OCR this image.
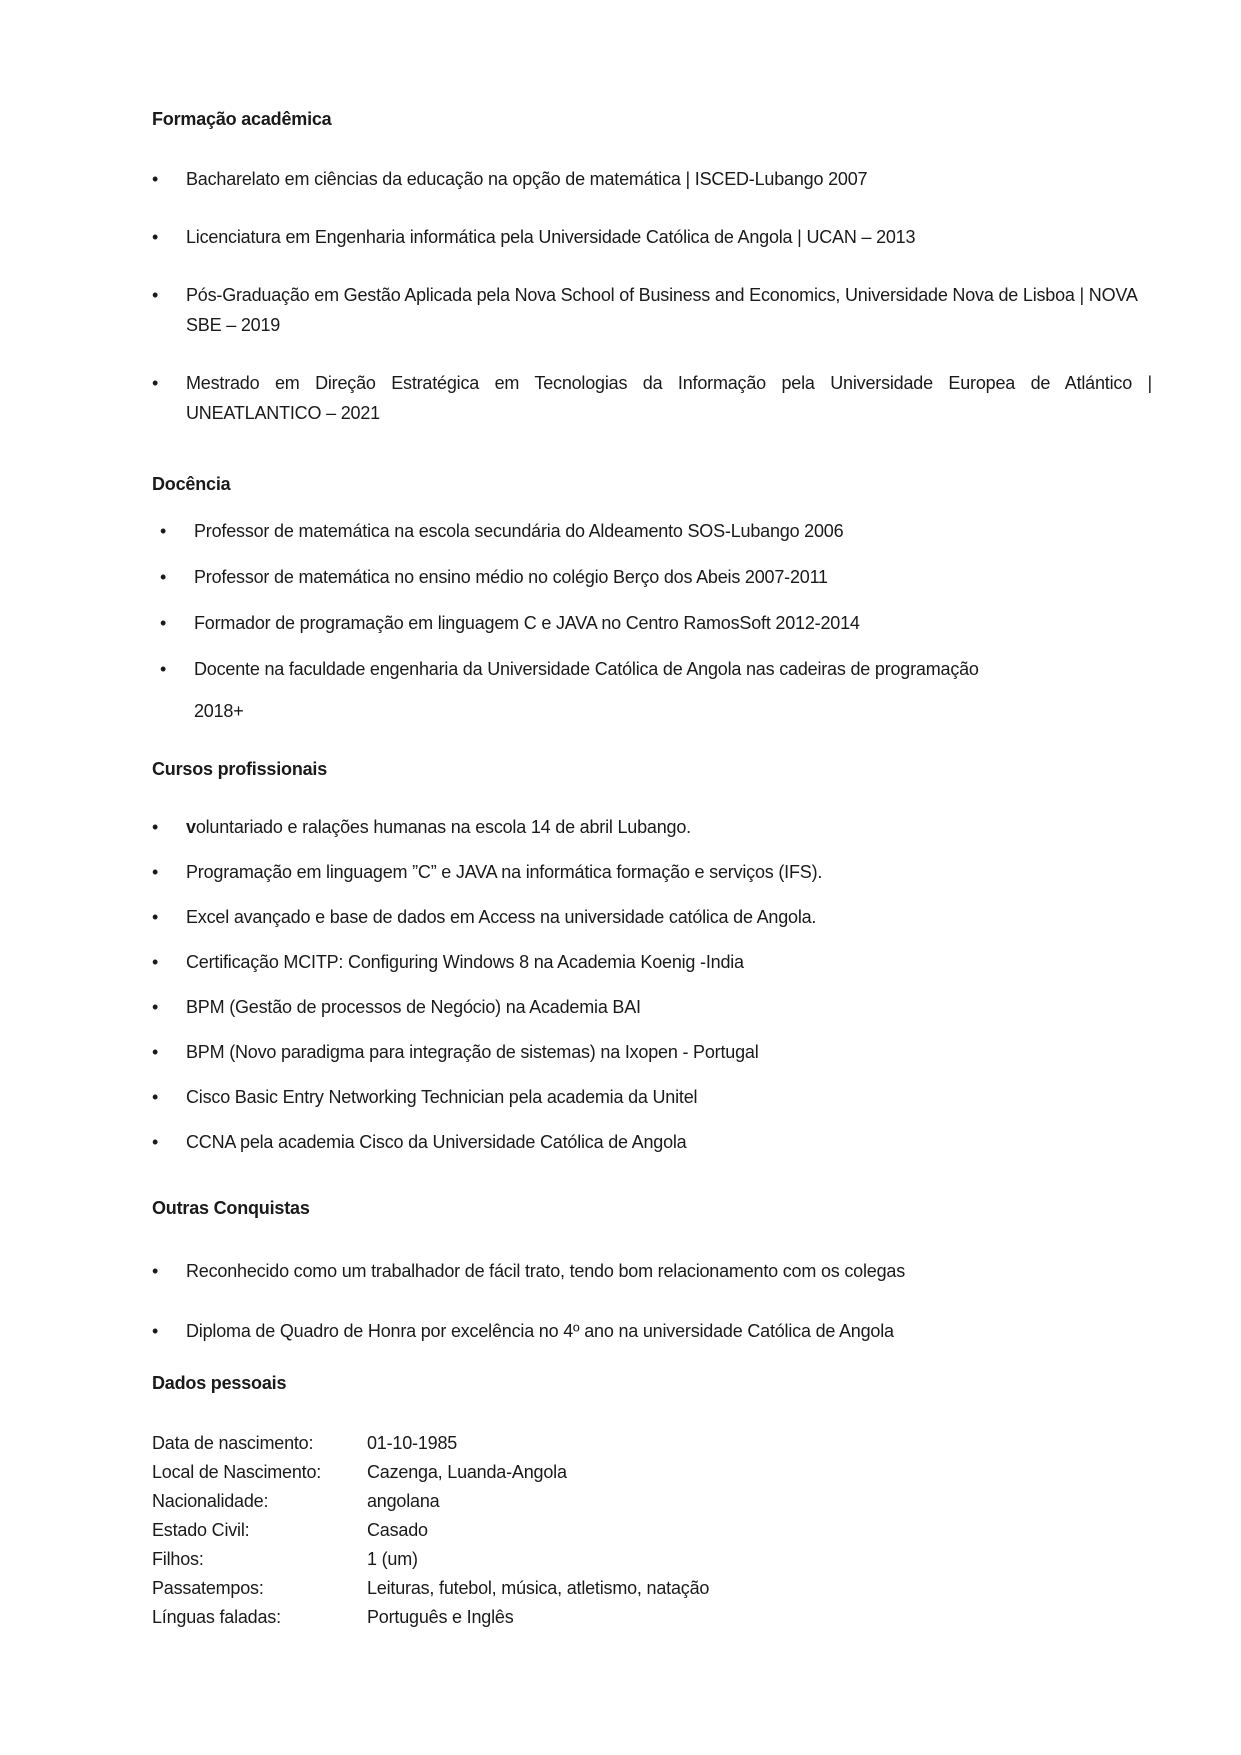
Formação acadêmica
•	Bacharelato em ciências da educação na opção de matemática | ISCED-Lubango 2007
•	Licenciatura em Engenharia informática pela Universidade Católica de Angola | UCAN – 2013
•	Pós-Graduação em Gestão Aplicada pela Nova School of Business and Economics, Universidade Nova de Lisboa | NOVA SBE – 2019
•	Mestrado em Direção Estratégica em Tecnologias da Informação pela Universidade Europea de Atlántico | UNEATLANTICO – 2021
Docência
•	Professor de matemática na escola secundária do Aldeamento SOS-Lubango 2006
•	Professor de matemática no ensino médio no colégio Berço dos Abeis 2007-2011
•	Formador de programação em linguagem C e JAVA no Centro RamosSoft 2012-2014
•	Docente na faculdade engenharia da Universidade Católica de Angola nas cadeiras de programação

2018+

Cursos profissionais
•	voluntariado e ralações humanas na escola 14 de abril Lubango.
•	Programação em linguagem ”C” e JAVA na informática formação e serviços (IFS).
•	Excel avançado e base de dados em Access na universidade católica de Angola.
•	Certificação MCITP: Configuring Windows 8 na Academia Koenig -India
•	BPM (Gestão de processos de Negócio) na Academia BAI
•	BPM (Novo paradigma para integração de sistemas) na Ixopen - Portugal
•	Cisco Basic Entry Networking Technician pela academia da Unitel
•	CCNA pela academia Cisco da Universidade Católica de Angola
Outras Conquistas
•	Reconhecido como um trabalhador de fácil trato, tendo bom relacionamento com os colegas
•	Diploma de Quadro de Honra por excelência no 4º ano na universidade Católica de Angola
Dados pessoais
Data de nascimento:	01-10-1985
Local de Nascimento:	Cazenga, Luanda-Angola
Nacionalidade:	angolana
Estado Civil:	Casado
Filhos:	1 (um)
Passatempos:	Leituras, futebol, música, atletismo, natação
Línguas faladas:	Português e Inglês
